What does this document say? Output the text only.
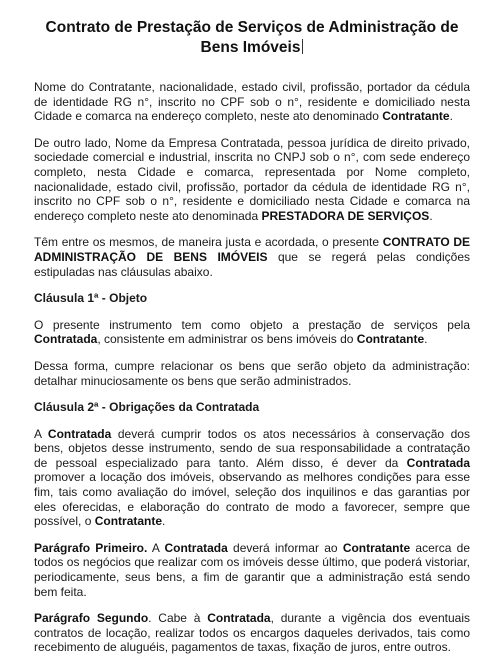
Contrato de Prestação de Serviços de Administração de
Bens Imóveis

Nome do Contratante, nacionalidade, estado civil, profissão, portador da cédula de identidade RG n°, inscrito no CPF sob o n°, residente e domiciliado nesta Cidade e comarca na endereço completo, neste ato denominado Contratante.

De outro lado, Nome da Empresa Contratada, pessoa jurídica de direito privado, sociedade comercial e industrial, inscrita no CNPJ sob o n°, com sede endereço completo, nesta Cidade e comarca, representada por Nome completo, nacionalidade, estado civil, profissão, portador da cédula de identidade RG n°, inscrito no CPF sob o n°, residente e domiciliado nesta Cidade e comarca na endereço completo neste ato denominada PRESTADORA DE SERVIÇOS.

Têm entre os mesmos, de maneira justa e acordada, o presente CONTRATO DE ADMINISTRAÇÃO DE BENS IMÓVEIS que se regerá pelas condições estipuladas nas cláusulas abaixo.

Cláusula 1ª - Objeto

O presente instrumento tem como objeto a prestação de serviços pela Contratada, consistente em administrar os bens imóveis do Contratante.

Dessa forma, cumpre relacionar os bens que serão objeto da administração: detalhar minuciosamente os bens que serão administrados.

Cláusula 2ª - Obrigações da Contratada

A Contratada deverá cumprir todos os atos necessários à conservação dos bens, objetos desse instrumento, sendo de sua responsabilidade a contratação de pessoal especializado para tanto. Além disso, é dever da Contratada promover a locação dos imóveis, observando as melhores condições para esse fim, tais como avaliação do imóvel, seleção dos inquilinos e das garantias por eles oferecidas, e elaboração do contrato de modo a favorecer, sempre que possível, o Contratante.

Parágrafo Primeiro. A Contratada deverá informar ao Contratante acerca de todos os negócios que realizar com os imóveis desse último, que poderá vistoriar, periodicamente, seus bens, a fim de garantir que a administração está sendo bem feita.

Parágrafo Segundo. Cabe à Contratada, durante a vigência dos eventuais contratos de locação, realizar todos os encargos daqueles derivados, tais como recebimento de aluguéis, pagamentos de taxas, fixação de juros, entre outros.
